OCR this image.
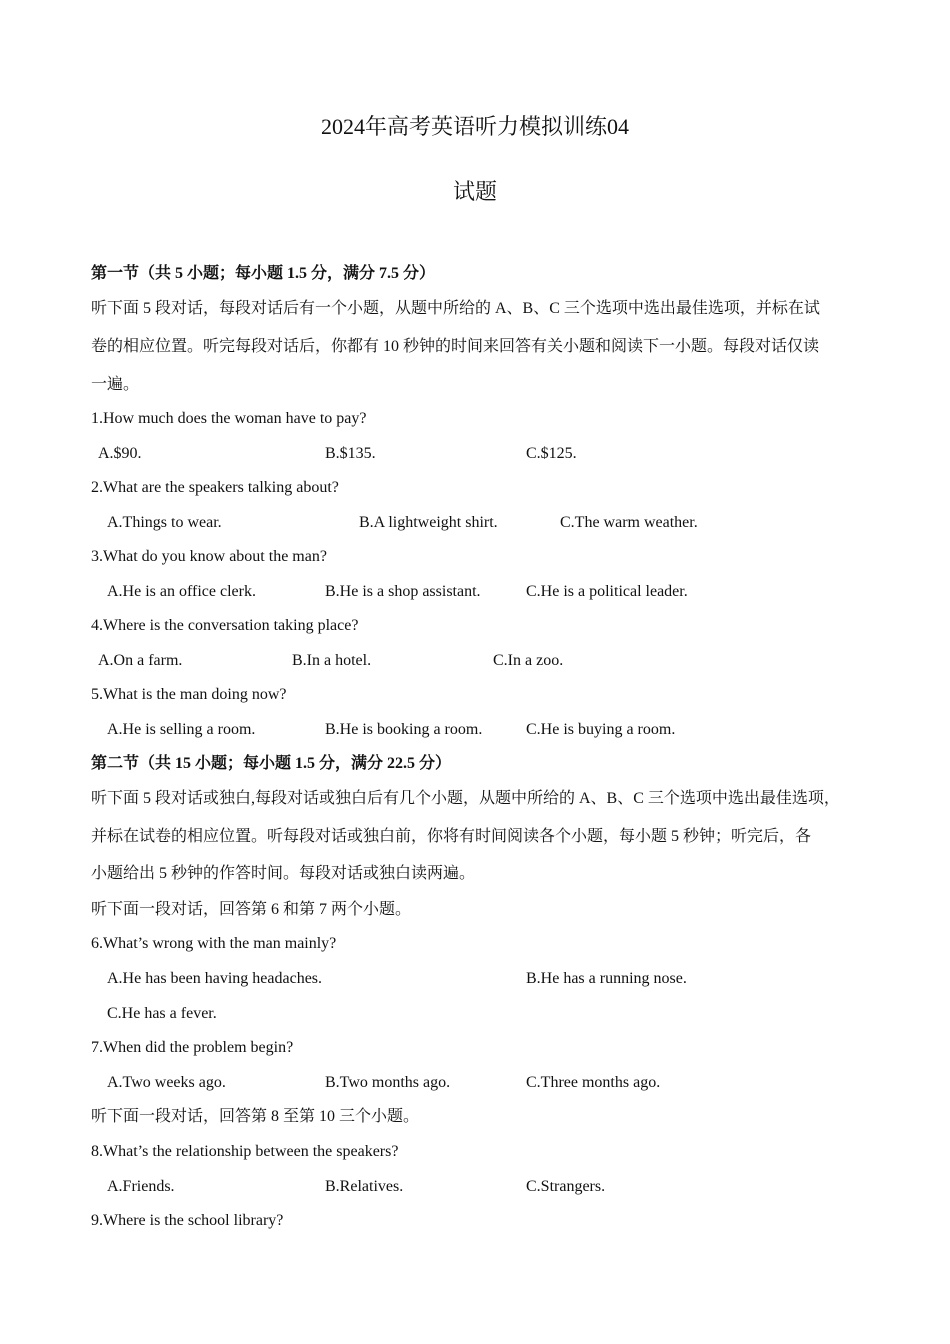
2024年高考英语听力模拟训练04
试题
第一节（共 5 小题；每小题 1.5 分，满分 7.5 分）
听下面 5 段对话，每段对话后有一个小题，从题中所给的 A、B、C 三个选项中选出最佳选项，并标在试
卷的相应位置。听完每段对话后，你都有 10 秒钟的时间来回答有关小题和阅读下一小题。每段对话仅读
一遍。
1.How much does the woman have to pay?
A.$90.	B.$135.	C.$125.
2.What are the speakers talking about?
A.Things to wear.	B.A lightweight shirt.	C.The warm weather.
3.What do you know about the man?
A.He is an office clerk.	B.He is a shop assistant.	C.He is a political leader.
4.Where is the conversation taking place?
A.On a farm.	B.In a hotel.	C.In a zoo.
5.What is the man doing now?
A.He is selling a room.	B.He is booking a room.	C.He is buying a room.
第二节（共 15 小题；每小题 1.5 分，满分 22.5 分）
听下面 5 段对话或独白,每段对话或独白后有几个小题，从题中所给的 A、B、C 三个选项中选出最佳选项，
并标在试卷的相应位置。听每段对话或独白前，你将有时间阅读各个小题，每小题 5 秒钟；听完后，各
小题给出 5 秒钟的作答时间。每段对话或独白读两遍。
听下面一段对话，回答第 6 和第 7 两个小题。
6.What’s wrong with the man mainly?
A.He has been having headaches.	B.He has a running nose.
C.He has a fever.
7.When did the problem begin?
A.Two weeks ago.	B.Two months ago.	C.Three months ago.
听下面一段对话，回答第 8 至第 10 三个小题。
8.What’s the relationship between the speakers?
A.Friends.	B.Relatives.	C.Strangers.
9.Where is the school library?
